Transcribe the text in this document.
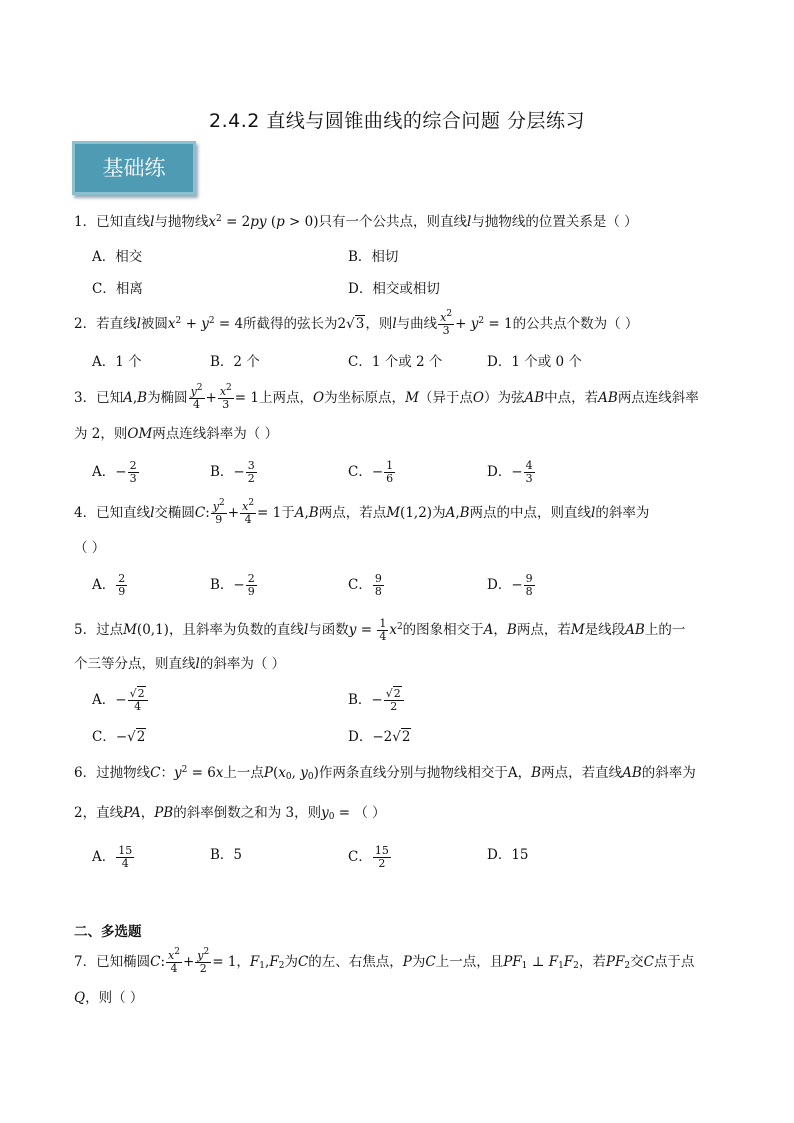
2.4.2 直线与圆锥曲线的综合问题 分层练习
基础练
1．已知直线l与抛物线$x^2 = 2py$ (p > 0)只有一个公共点，则直线l与抛物线的位置关系是（ ）
A．相交	B．相切
C．相离	D．相交或相切
2．若直线l被圆$x^2 + y^2 = 4$所截得的弦长为2√3，则l与曲线 $\frac{x^2}{3} + y^2 = 1$的公共点个数为（ ）
A．1 个	B．2 个	C．1 个或 2 个	D．1 个或 0 个
3．已知A,B为椭圆 $\frac{y^2}{4} + \frac{x^2}{3} = 1$上两点，O为坐标原点，M（异于点O）为弦AB中点，若AB两点连线斜率
为 2，则OM两点连线斜率为（ ）
A．− $\frac{2}{3}$	B．− $\frac{3}{2}$	C．− $\frac{1}{6}$	D．− $\frac{4}{3}$
4．已知直线l交椭圆C: $\frac{y^2}{9} + \frac{x^2}{4} = 1$于A,B两点，若点M(1,2)为A,B两点的中点，则直线l的斜率为
（ ）
A． $\frac{2}{9}$	B．− $\frac{2}{9}$	C． $\frac{9}{8}$	D．− $\frac{9}{8}$
5．过点M(0,1)，且斜率为负数的直线l与函数$y = \frac{1}{4} x^2$的图象相交于A，B两点，若M是线段AB上的一
个三等分点，则直线l的斜率为（ ）
A．− $\frac{√2}{4}$	B．− $\frac{√2}{2}$
C．−√2	D．−2√2
6．过抛物线C：$y^2 = 6x$上一点$P(x_0$, $y_0$)作两条直线分别与抛物线相交于A，B两点，若直线AB的斜率为
2，直线PA，PB的斜率倒数之和为 3，则$y_0$ = （ ）
A． $\frac{15}{4}$	B．5	C． $\frac{15}{2}$	D．15
二、多选题
7．已知椭圆C: $\frac{x^2}{4} + \frac{y^2}{2} = 1$，$F_1,F_2$为C的左、右焦点，P为C上一点，且$PF_1$ ⊥ $F_1F_2$，若$PF_2$交C点于点
Q，则（ ）
